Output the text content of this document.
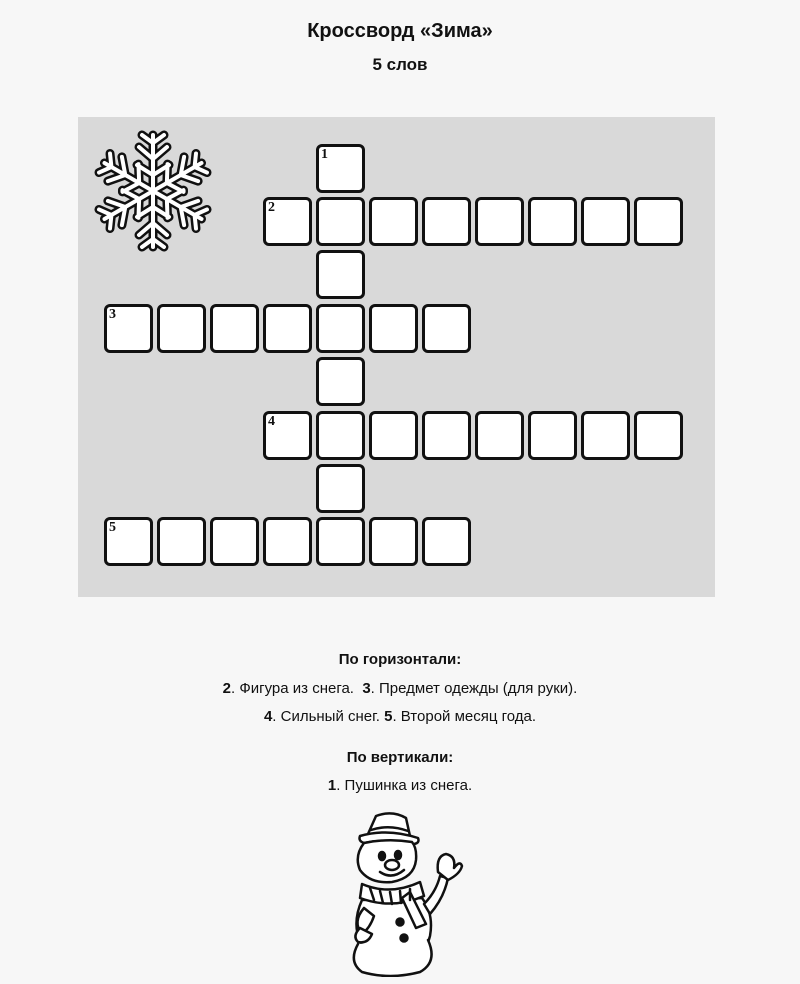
Кроссворд «Зима»
5 слов
1
2
3
4
5
По горизонтали:
2. Фигура из снега. 3. Предмет одежды (для руки).
4. Сильный снег. 5. Второй месяц года.
По вертикали:
1. Пушинка из снега.
